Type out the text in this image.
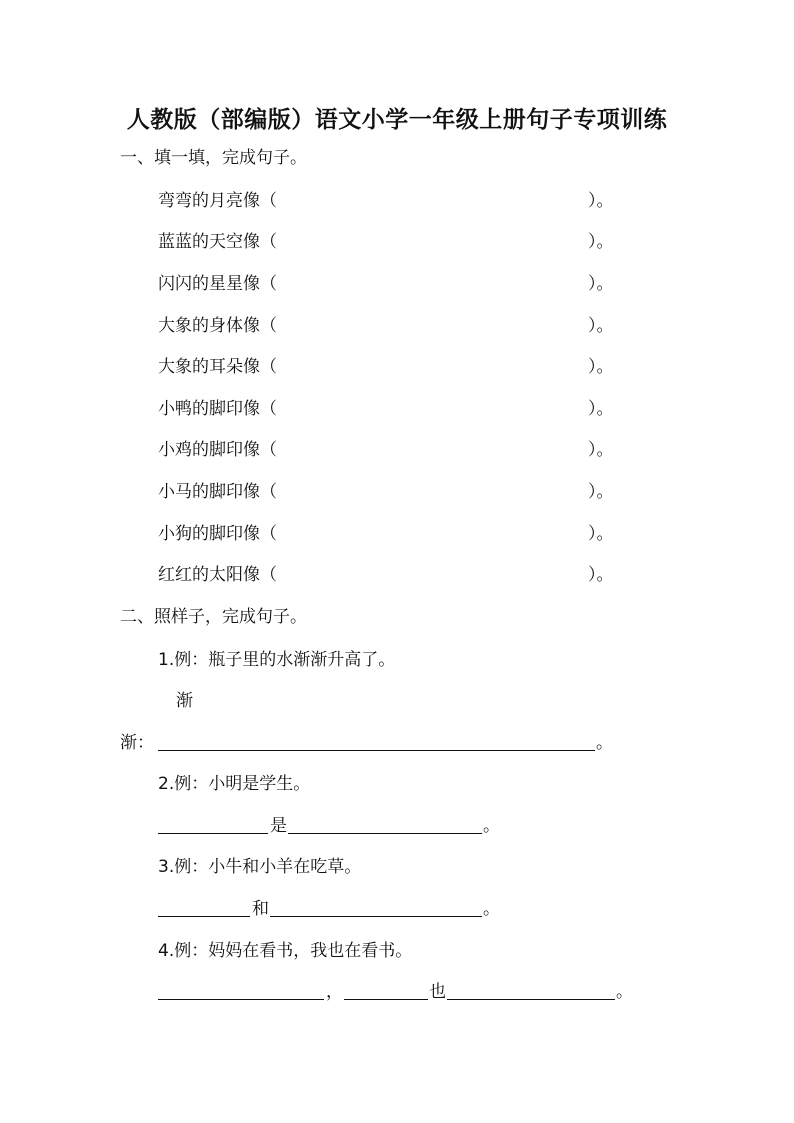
人教版（部编版）语文小学一年级上册句子专项训练
一、填一填，完成句子。
弯弯的月亮像（	）。
蓝蓝的天空像（	）。
闪闪的星星像（	）。
大象的身体像（	）。
大象的耳朵像（	）。
小鸭的脚印像（	）。
小鸡的脚印像（	）。
小马的脚印像（	）。
小狗的脚印像（	）。
红红的太阳像（	）。
二、照样子，完成句子。
1.例：瓶子里的水渐渐升高了。
渐
渐：	。
2.例：小明是学生。
是	。
3.例：小牛和小羊在吃草。
和	。
4.例：妈妈在看书，我也在看书。
，	也	。
